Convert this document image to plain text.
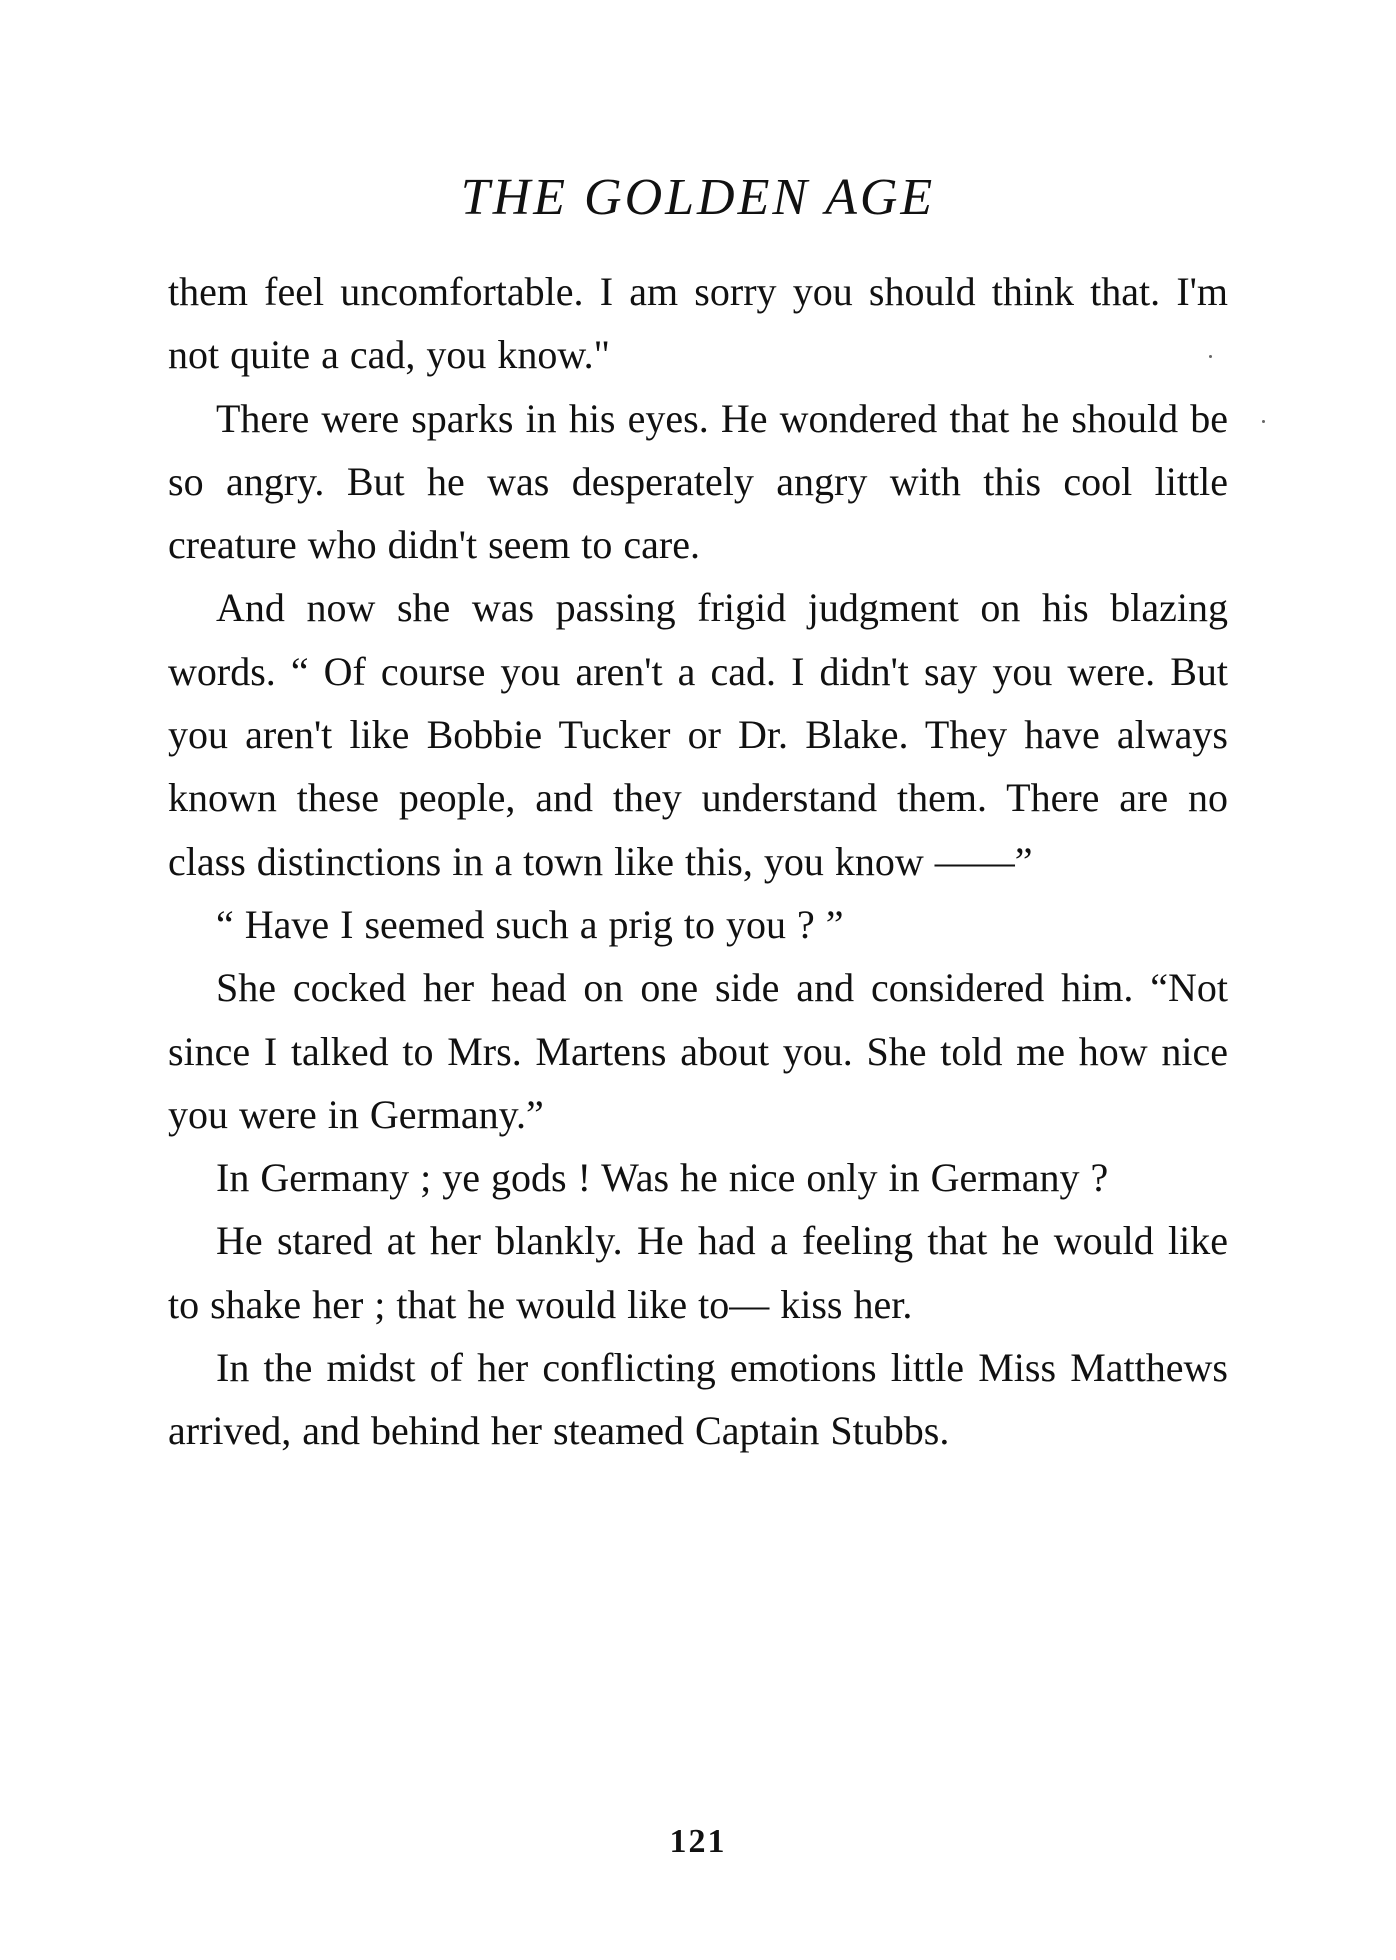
THE GOLDEN AGE

them feel uncomfortable. I am sorry you should think that. I'm not quite a cad, you know."

There were sparks in his eyes. He wondered that he should be so angry. But he was desperately angry with this cool little creature who didn't seem to care.

And now she was passing frigid judgment on his blazing words. “ Of course you aren't a cad. I didn't say you were. But you aren't like Bobbie Tucker or Dr. Blake. They have always known these people, and they understand them. There are no class distinctions in a town like this, you know ——”

“ Have I seemed such a prig to you ? ”

She cocked her head on one side and considered him. “Not since I talked to Mrs. Martens about you. She told me how nice you were in Germany.”

In Germany ; ye gods ! Was he nice only in Germany ?

He stared at her blankly. He had a feeling that he would like to shake her ; that he would like to— kiss her.

In the midst of her conflicting emotions little Miss Matthews arrived, and behind her steamed Captain Stubbs.

121
